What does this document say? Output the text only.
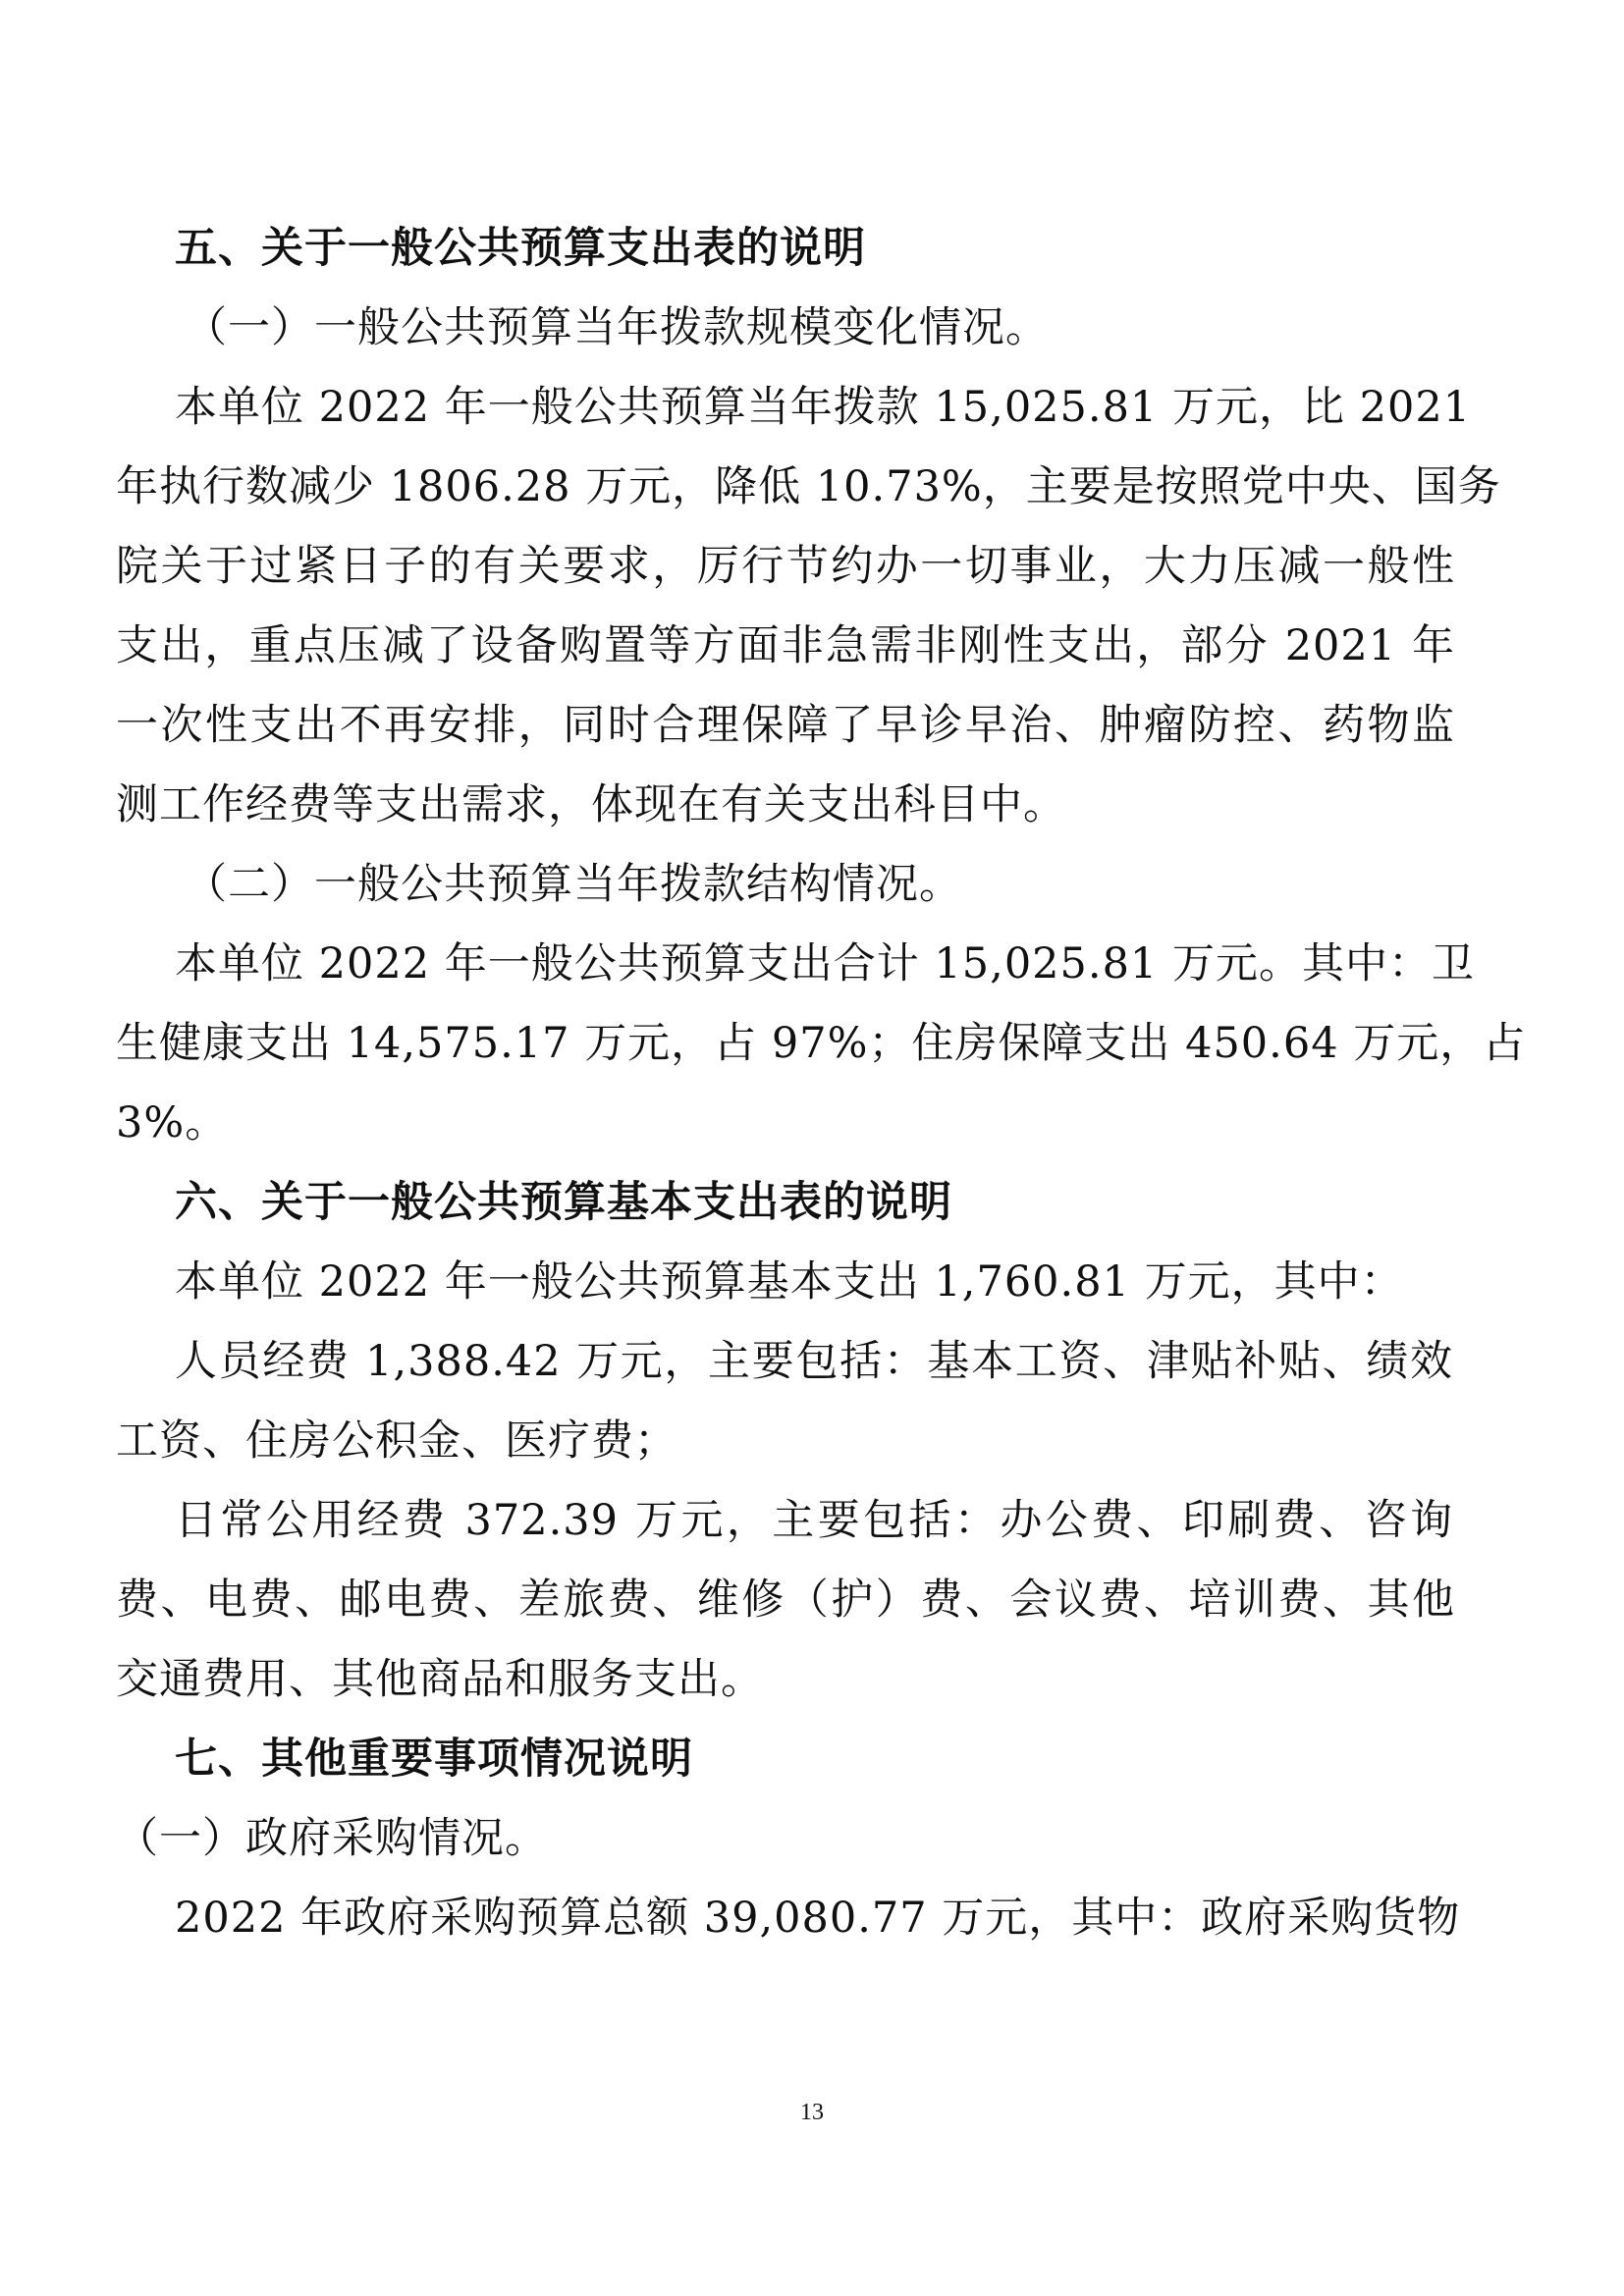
五、关于一般公共预算支出表的说明
（一）一般公共预算当年拨款规模变化情况。
本单位 2022 年一般公共预算当年拨款 15,025.81 万元，比 2021
年执行数减少 1806.28 万元，降低 10.73%，主要是按照党中央、国务
院关于过紧日子的有关要求，厉行节约办一切事业，大力压减一般性
支出，重点压减了设备购置等方面非急需非刚性支出，部分 2021 年
一次性支出不再安排，同时合理保障了早诊早治、肿瘤防控、药物监
测工作经费等支出需求，体现在有关支出科目中。
（二）一般公共预算当年拨款结构情况。
本单位 2022 年一般公共预算支出合计 15,025.81 万元。其中：卫
生健康支出 14,575.17 万元，占 97%；住房保障支出 450.64 万元，占
3%。
六、关于一般公共预算基本支出表的说明
本单位 2022 年一般公共预算基本支出 1,760.81 万元，其中：
人员经费 1,388.42 万元，主要包括：基本工资、津贴补贴、绩效
工资、住房公积金、医疗费；
日常公用经费 372.39 万元，主要包括：办公费、印刷费、咨询
费、电费、邮电费、差旅费、维修（护）费、会议费、培训费、其他
交通费用、其他商品和服务支出。
七、其他重要事项情况说明
（一）政府采购情况。
2022 年政府采购预算总额 39,080.77 万元，其中：政府采购货物
13
